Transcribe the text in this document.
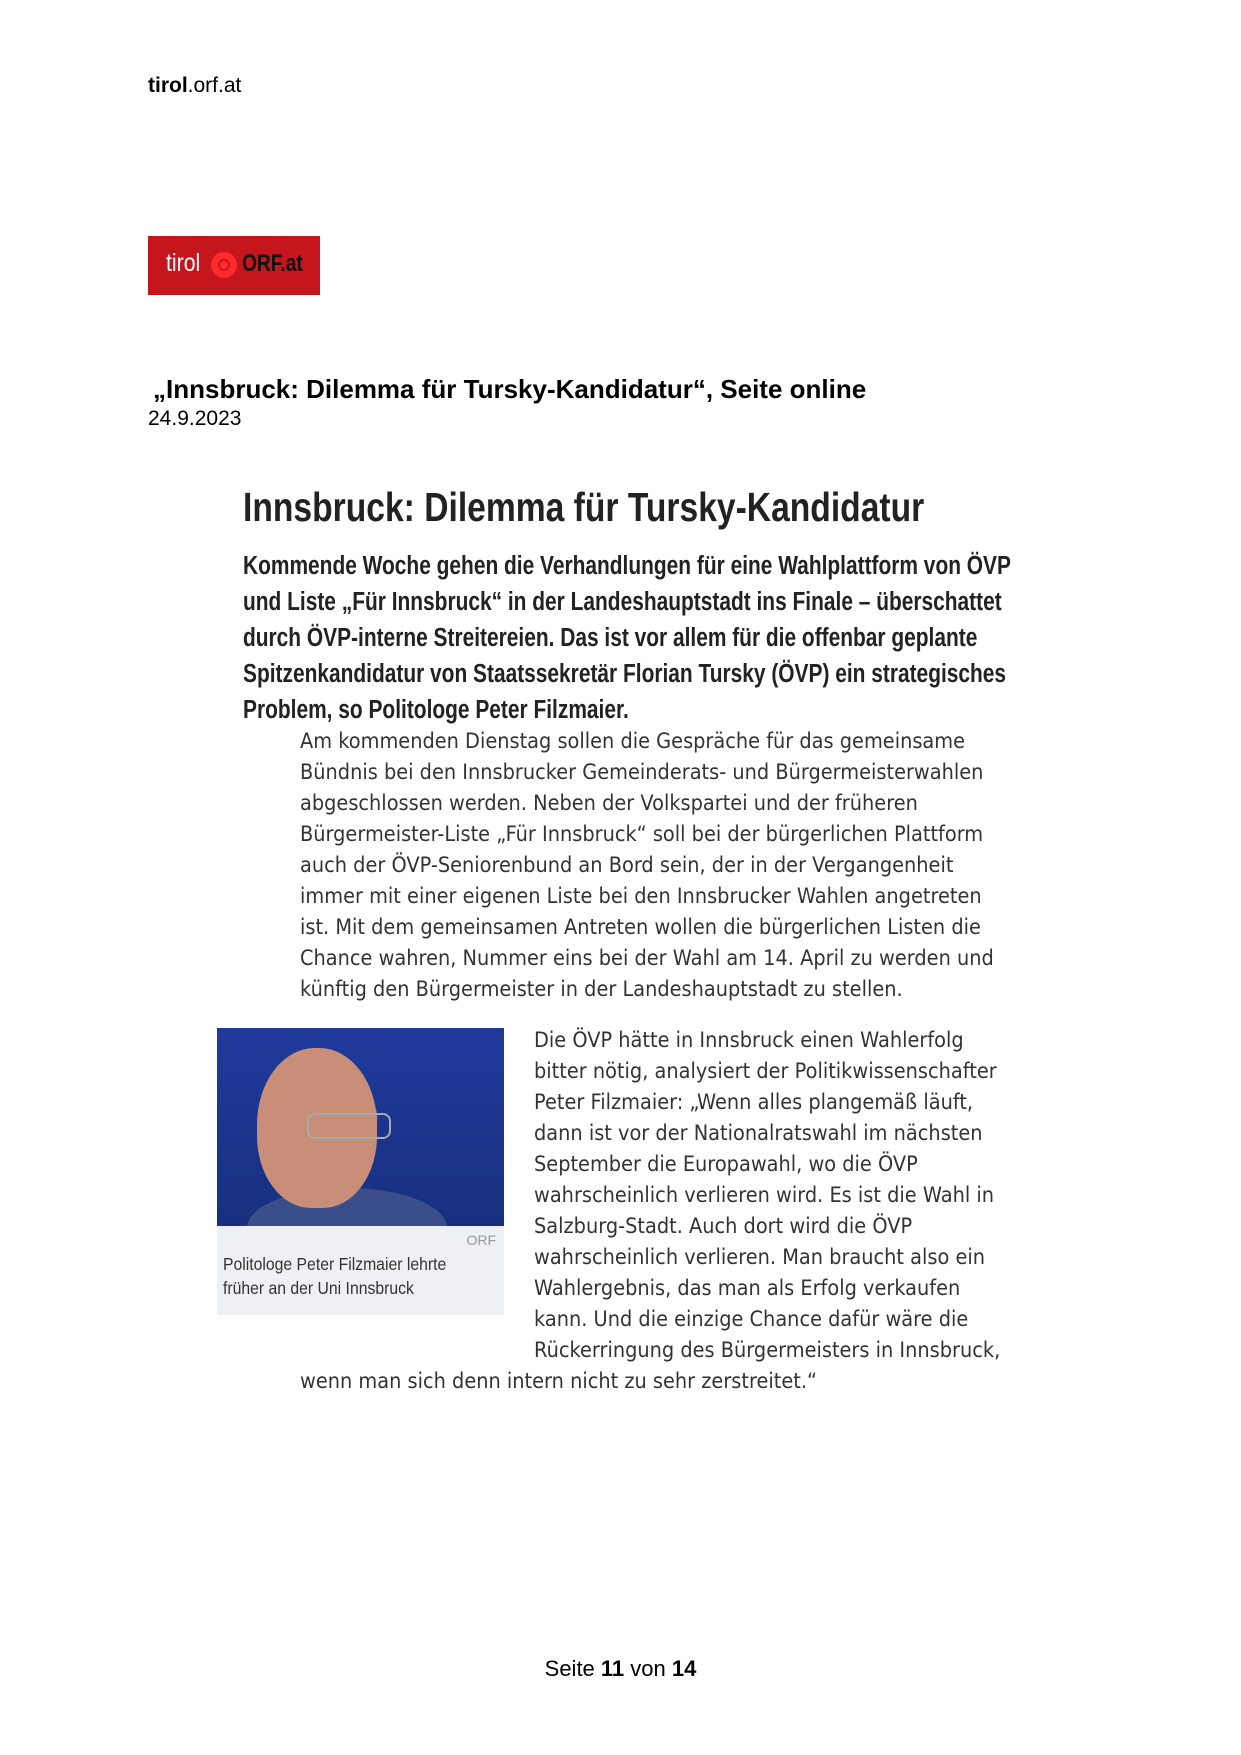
tirol.orf.at
tirol ORF.at
„Innsbruck: Dilemma für Tursky-Kandidatur“, Seite online
24.9.2023
Innsbruck: Dilemma für Tursky-Kandidatur
Kommende Woche gehen die Verhandlungen für eine Wahlplattform von ÖVP
und Liste „Für Innsbruck“ in der Landeshauptstadt ins Finale – überschattet
durch ÖVP-interne Streitereien. Das ist vor allem für die offenbar geplante
Spitzenkandidatur von Staatssekretär Florian Tursky (ÖVP) ein strategisches
Problem, so Politologe Peter Filzmaier.
Am kommenden Dienstag sollen die Gespräche für das gemeinsame
Bündnis bei den Innsbrucker Gemeinderats- und Bürgermeisterwahlen
abgeschlossen werden. Neben der Volkspartei und der früheren
Bürgermeister-Liste „Für Innsbruck“ soll bei der bürgerlichen Plattform
auch der ÖVP-Seniorenbund an Bord sein, der in der Vergangenheit
immer mit einer eigenen Liste bei den Innsbrucker Wahlen angetreten
ist. Mit dem gemeinsamen Antreten wollen die bürgerlichen Listen die
Chance wahren, Nummer eins bei der Wahl am 14. April zu werden und
künftig den Bürgermeister in der Landeshauptstadt zu stellen.
ORF
Politologe Peter Filzmaier lehrte
früher an der Uni Innsbruck
Die ÖVP hätte in Innsbruck einen Wahlerfolg
bitter nötig, analysiert der Politikwissenschafter
Peter Filzmaier: „Wenn alles plangemäß läuft,
dann ist vor der Nationalratswahl im nächsten
September die Europawahl, wo die ÖVP
wahrscheinlich verlieren wird. Es ist die Wahl in
Salzburg-Stadt. Auch dort wird die ÖVP
wahrscheinlich verlieren. Man braucht also ein
Wahlergebnis, das man als Erfolg verkaufen
kann. Und die einzige Chance dafür wäre die
Rückerringung des Bürgermeisters in Innsbruck,
wenn man sich denn intern nicht zu sehr zerstreitet.“
Seite 11 von 14
